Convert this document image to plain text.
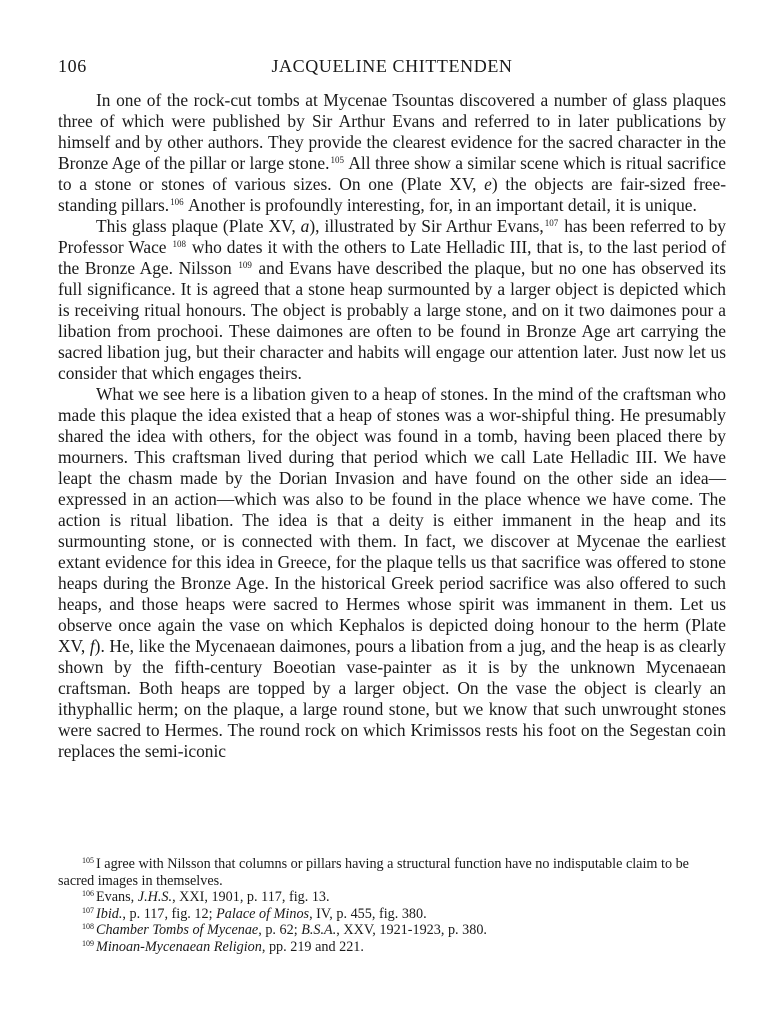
106	JACQUELINE CHITTENDEN

In one of the rock-cut tombs at Mycenae Tsountas discovered a number of glass plaques three of which were published by Sir Arthur Evans and referred to in later publications by himself and by other authors. They provide the clearest evidence for the sacred character in the Bronze Age of the pillar or large stone.$^{105}$ All three show a similar scene which is ritual sacrifice to a stone or stones of various sizes. On one (Plate XV, e) the objects are fair-sized free-standing pillars.$^{106}$ Another is profoundly interesting, for, in an important detail, it is unique.

This glass plaque (Plate XV, a), illustrated by Sir Arthur Evans,$^{107}$ has been referred to by Professor Wace $^{108}$ who dates it with the others to Late Helladic III, that is, to the last period of the Bronze Age. Nilsson $^{109}$ and Evans have described the plaque, but no one has observed its full significance. It is agreed that a stone heap surmounted by a larger object is depicted which is receiving ritual honours. The object is probably a large stone, and on it two daimones pour a libation from prochooi. These daimones are often to be found in Bronze Age art carrying the sacred libation jug, but their character and habits will engage our attention later. Just now let us consider that which engages theirs.

What we see here is a libation given to a heap of stones. In the mind of the craftsman who made this plaque the idea existed that a heap of stones was a wor-shipful thing. He presumably shared the idea with others, for the object was found in a tomb, having been placed there by mourners. This craftsman lived during that period which we call Late Helladic III. We have leapt the chasm made by the Dorian Invasion and have found on the other side an idea—expressed in an action—which was also to be found in the place whence we have come. The action is ritual libation. The idea is that a deity is either immanent in the heap and its surmounting stone, or is connected with them. In fact, we discover at Mycenae the earliest extant evidence for this idea in Greece, for the plaque tells us that sacrifice was offered to stone heaps during the Bronze Age. In the historical Greek period sacrifice was also offered to such heaps, and those heaps were sacred to Hermes whose spirit was immanent in them. Let us observe once again the vase on which Kephalos is depicted doing honour to the herm (Plate XV, f). He, like the Mycenaean daimones, pours a libation from a jug, and the heap is as clearly shown by the fifth-century Boeotian vase-painter as it is by the unknown Mycenaean craftsman. Both heaps are topped by a larger object. On the vase the object is clearly an ithyphallic herm; on the plaque, a large round stone, but we know that such unwrought stones were sacred to Hermes. The round rock on which Krimissos rests his foot on the Segestan coin replaces the semi-iconic

$^{105}$ I agree with Nilsson that columns or pillars having a structural function have no indisputable claim to be sacred images in themselves.

$^{106}$ Evans, J.H.S., XXI, 1901, p. 117, fig. 13.

$^{107}$ Ibid., p. 117, fig. 12; Palace of Minos, IV, p. 455, fig. 380.

$^{108}$ Chamber Tombs of Mycenae, p. 62; B.S.A., XXV, 1921-1923, p. 380.

$^{109}$ Minoan-Mycenaean Religion, pp. 219 and 221.
